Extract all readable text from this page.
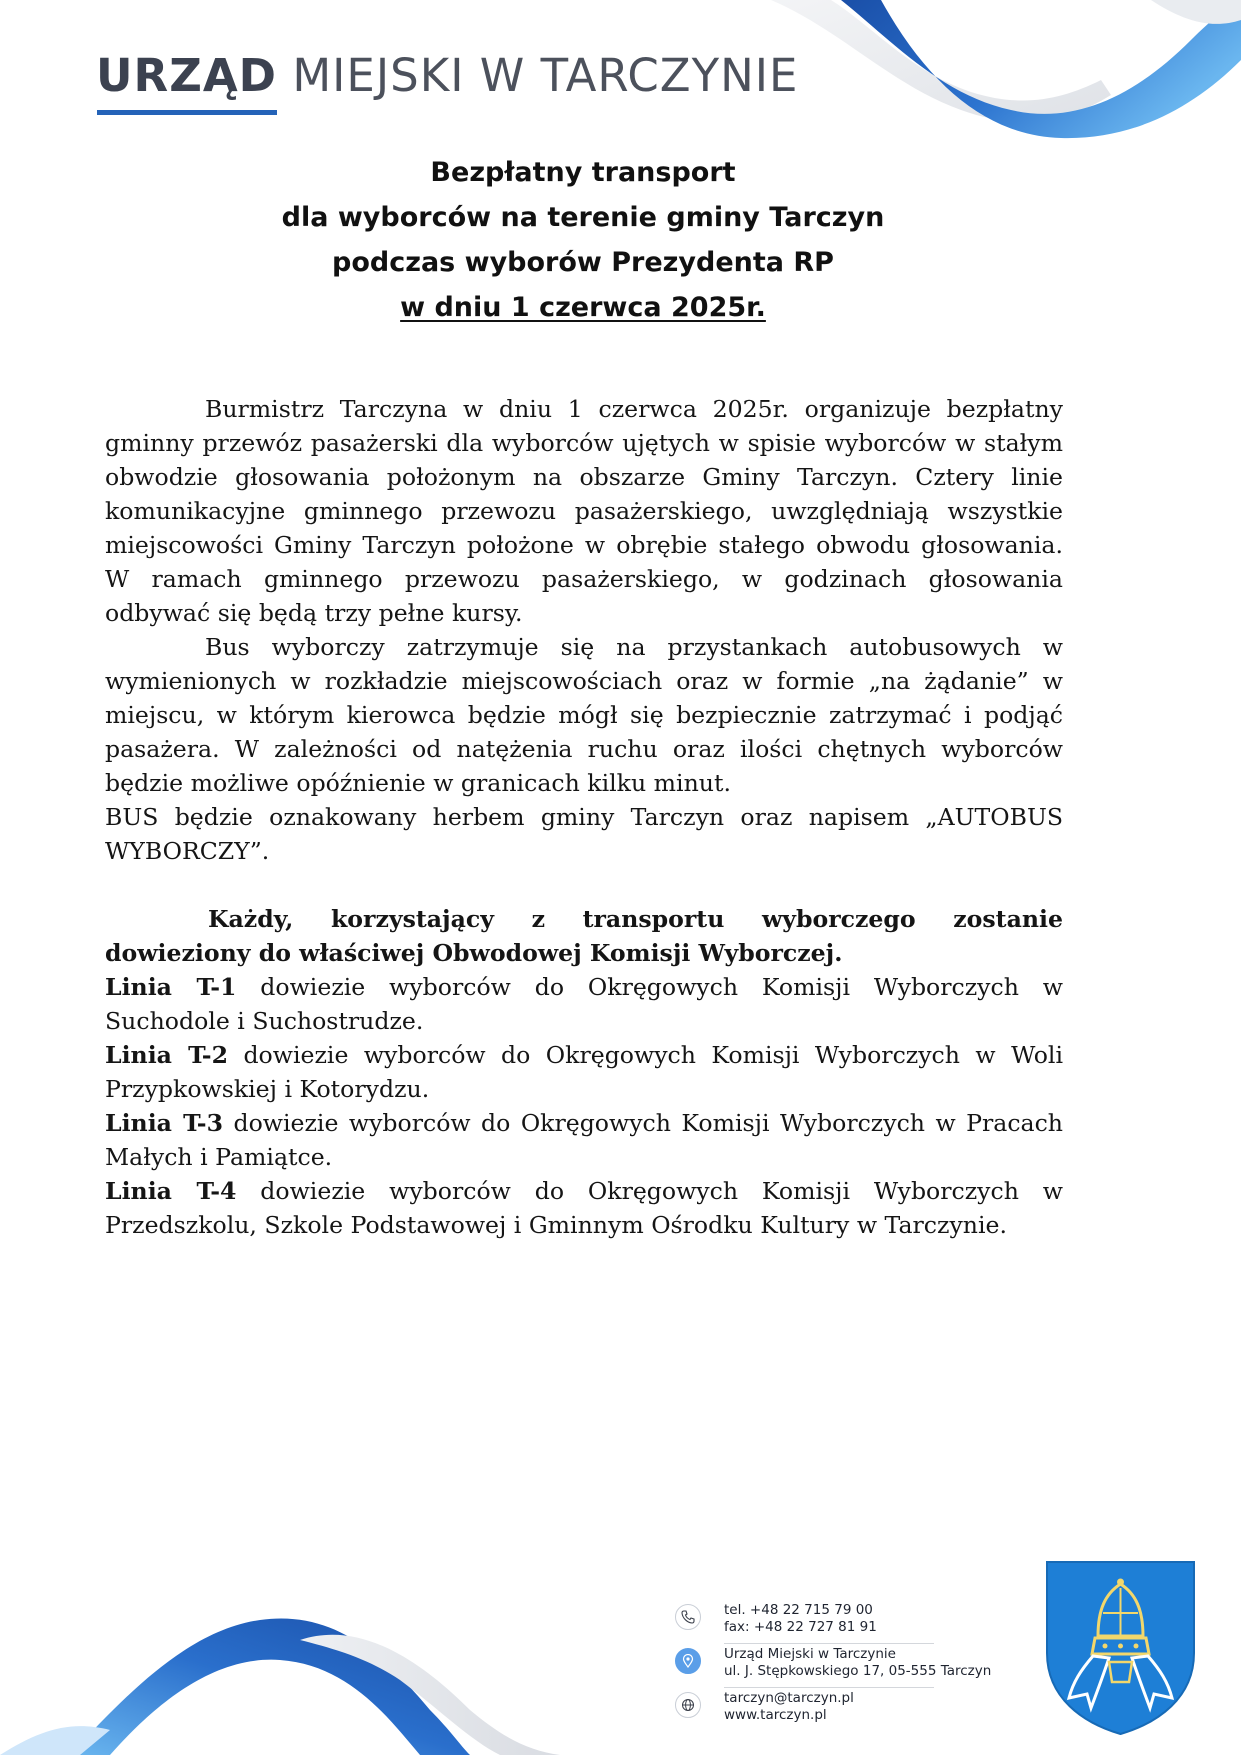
URZĄD MIEJSKI W TARCZYNIE
Bezpłatny transport
dla wyborców na terenie gminy Tarczyn
podczas wyborów Prezydenta RP
w dniu 1 czerwca 2025r.

Burmistrz Tarczyna w dniu 1 czerwca 2025r. organizuje bezpłatny gminny przewóz pasażerski dla wyborców ujętych w spisie wyborców w stałym obwodzie głosowania położonym na obszarze Gminy Tarczyn. Cztery linie komunikacyjne gminnego przewozu pasażerskiego, uwzględniają wszystkie miejscowości Gminy Tarczyn położone w obrębie stałego obwodu głosowania. W ramach gminnego przewozu pasażerskiego, w godzinach głosowania odbywać się będą trzy pełne kursy.

Bus wyborczy zatrzymuje się na przystankach autobusowych w wymienionych w rozkładzie miejscowościach oraz w formie „na żądanie” w miejscu, w którym kierowca będzie mógł się bezpiecznie zatrzymać i podjąć pasażera. W zależności od natężenia ruchu oraz ilości chętnych wyborców będzie możliwe opóźnienie w granicach kilku minut.

BUS będzie oznakowany herbem gminy Tarczyn oraz napisem „AUTOBUS WYBORCZY”.

Każdy, korzystający z transportu wyborczego zostanie dowieziony do właściwej Obwodowej Komisji Wyborczej.

Linia T-1 dowiezie wyborców do Okręgowych Komisji Wyborczych w Suchodole i Suchostrudze.

Linia T-2 dowiezie wyborców do Okręgowych Komisji Wyborczych w Woli Przypkowskiej i Kotorydzu.

Linia T-3 dowiezie wyborców do Okręgowych Komisji Wyborczych w Pracach Małych i Pamiątce.

Linia T-4 dowiezie wyborców do Okręgowych Komisji Wyborczych w Przedszkolu, Szkole Podstawowej i Gminnym Ośrodku Kultury w Tarczynie.

tel. +48 22 715 79 00
fax: +48 22 727 81 91
Urząd Miejski w Tarczynie
ul. J. Stępkowskiego 17, 05-555 Tarczyn
tarczyn@tarczyn.pl
www.tarczyn.pl
